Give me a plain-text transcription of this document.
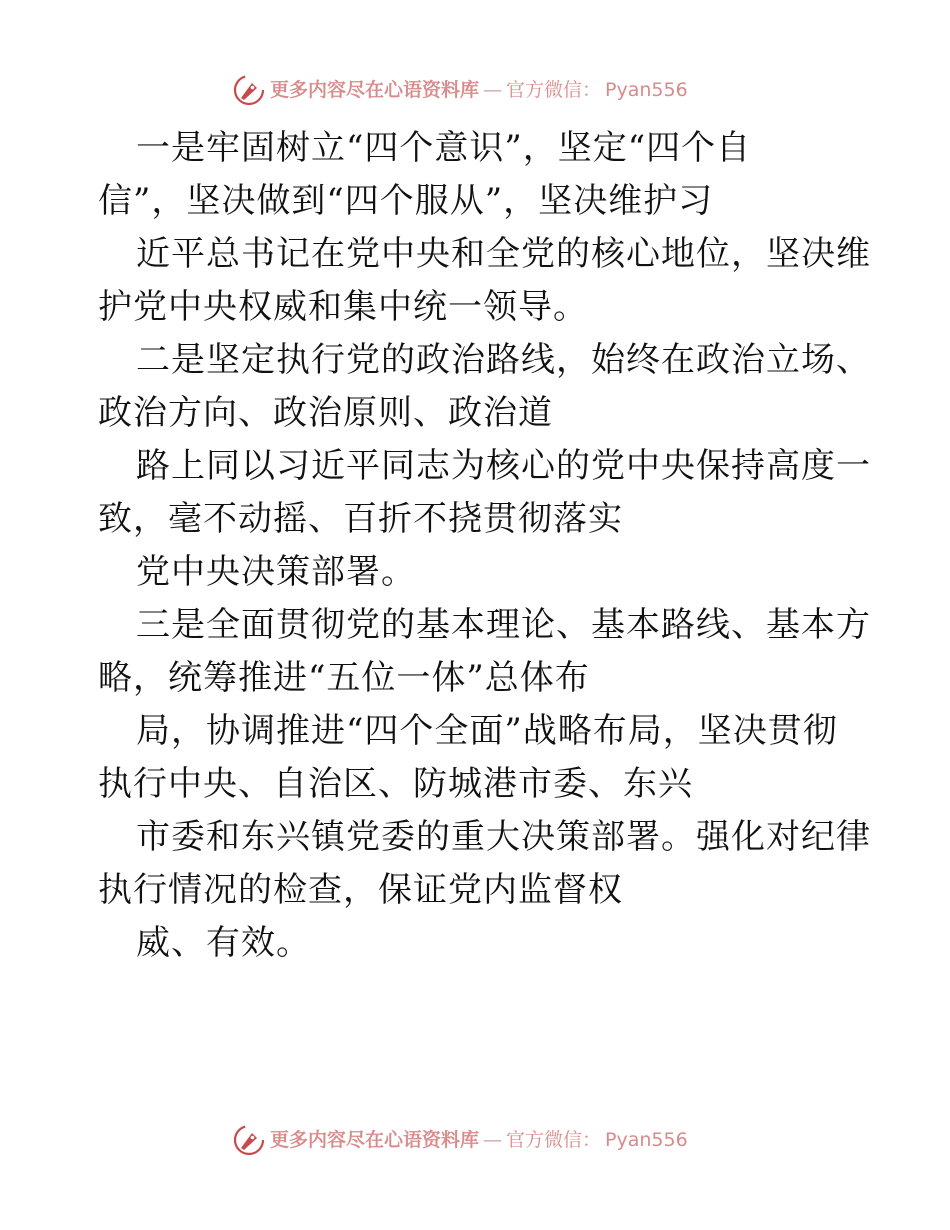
更多内容尽在心语资料库 — 官方微信： Pyan556
一是牢固树立“四个意识”，坚定“四个自
信”，坚决做到“四个服从”，坚决维护习
近平总书记在党中央和全党的核心地位，坚决维
护党中央权威和集中统一领导。
二是坚定执行党的政治路线，始终在政治立场、
政治方向、政治原则、政治道
路上同以习近平同志为核心的党中央保持高度一
致，毫不动摇、百折不挠贯彻落实
党中央决策部署。
三是全面贯彻党的基本理论、基本路线、基本方
略，统筹推进“五位一体”总体布
局，协调推进“四个全面”战略布局，坚决贯彻
执行中央、自治区、防城港市委、东兴
市委和东兴镇党委的重大决策部署。强化对纪律
执行情况的检查，保证党内监督权
威、有效。
更多内容尽在心语资料库 — 官方微信： Pyan556
